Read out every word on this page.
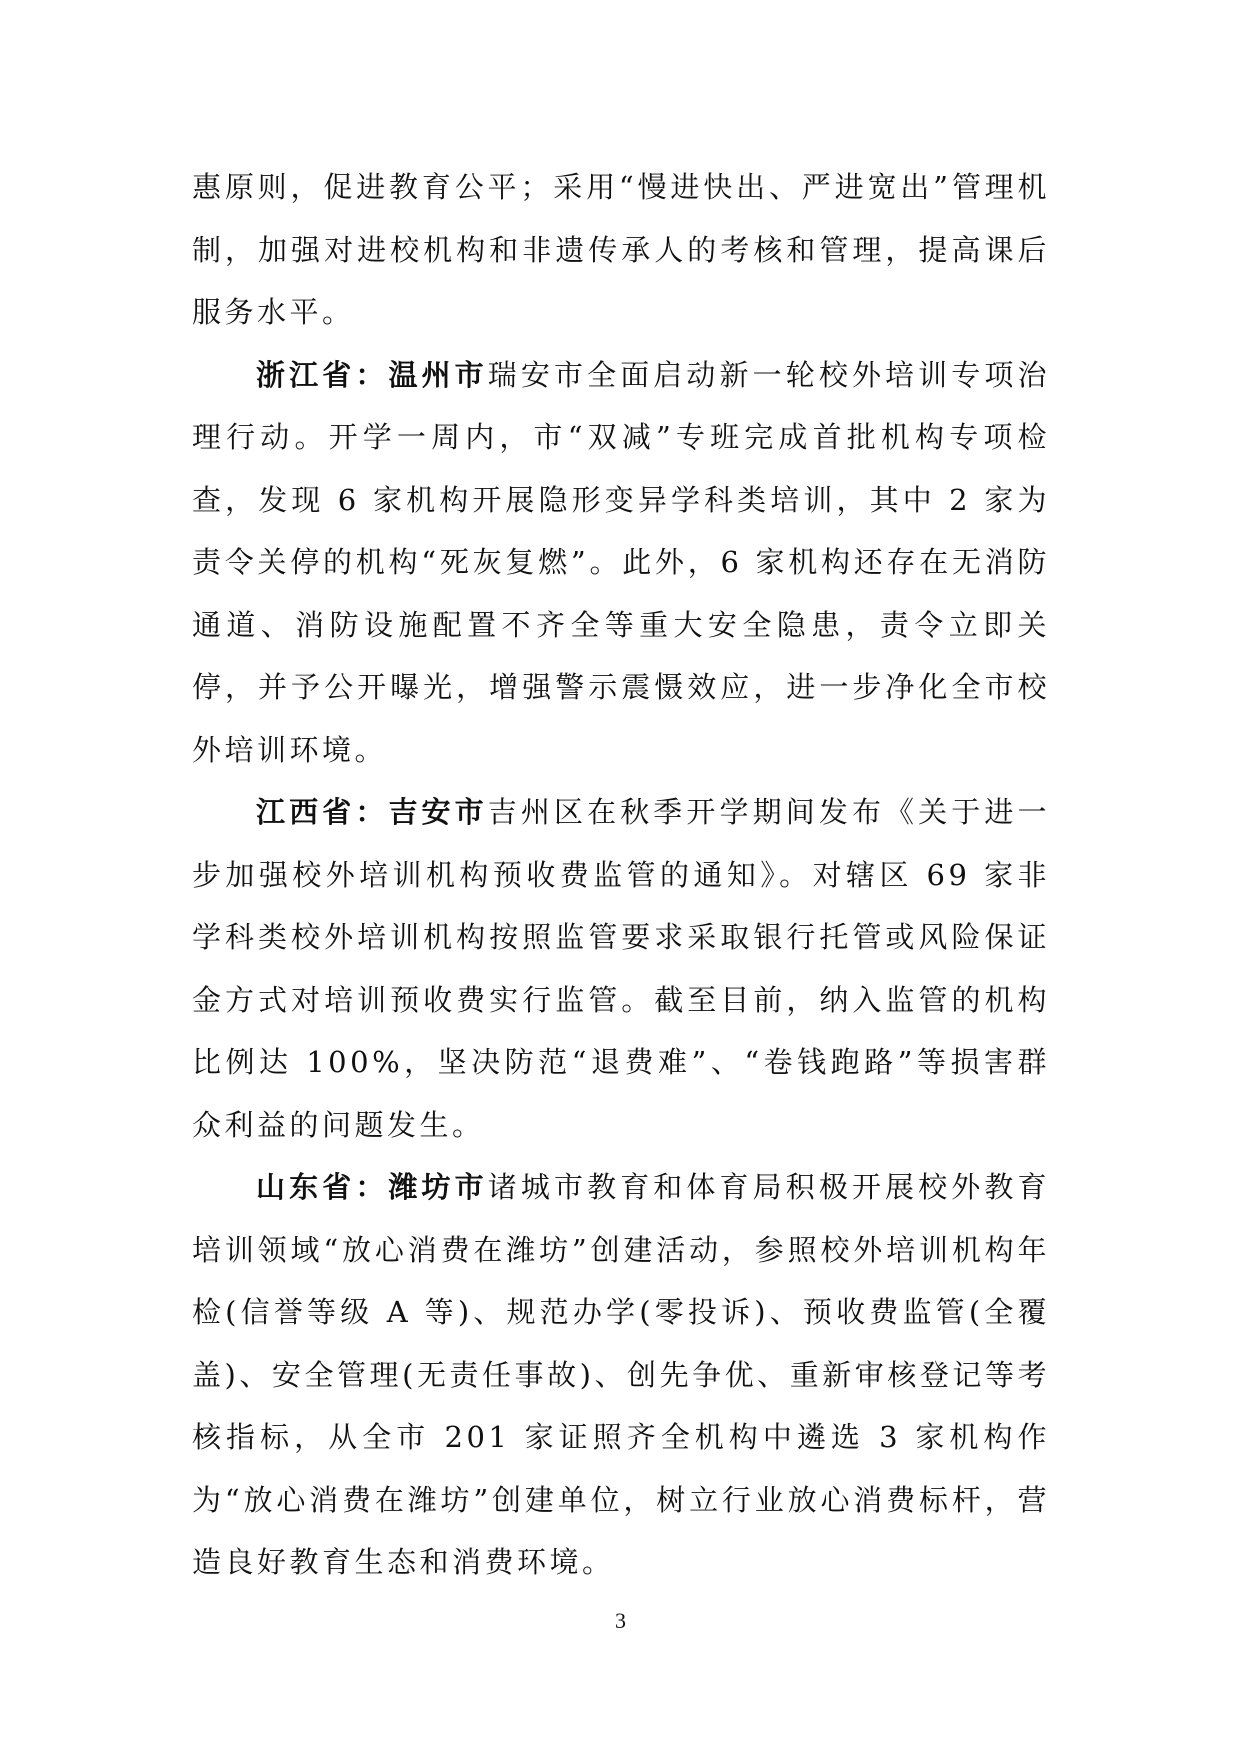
惠原则，促进教育公平；采用“慢进快出、严进宽出”管理机制，加强对进校机构和非遗传承人的考核和管理，提高课后服务水平。

浙江省：温州市瑞安市全面启动新一轮校外培训专项治理行动。开学一周内，市“双减”专班完成首批机构专项检查，发现 6 家机构开展隐形变异学科类培训，其中 2 家为责令关停的机构“死灰复燃”。此外，6 家机构还存在无消防通道、消防设施配置不齐全等重大安全隐患，责令立即关停，并予公开曝光，增强警示震慑效应，进一步净化全市校外培训环境。

江西省：吉安市吉州区在秋季开学期间发布《关于进一步加强校外培训机构预收费监管的通知》。对辖区 69 家非学科类校外培训机构按照监管要求采取银行托管或风险保证金方式对培训预收费实行监管。截至目前，纳入监管的机构比例达 100%，坚决防范“退费难”、“卷钱跑路”等损害群众利益的问题发生。

山东省：潍坊市诸城市教育和体育局积极开展校外教育培训领域“放心消费在潍坊”创建活动，参照校外培训机构年检(信誉等级 A 等)、规范办学(零投诉)、预收费监管(全覆盖)、安全管理(无责任事故)、创先争优、重新审核登记等考核指标，从全市 201 家证照齐全机构中遴选 3 家机构作为“放心消费在潍坊”创建单位，树立行业放心消费标杆，营造良好教育生态和消费环境。

3
